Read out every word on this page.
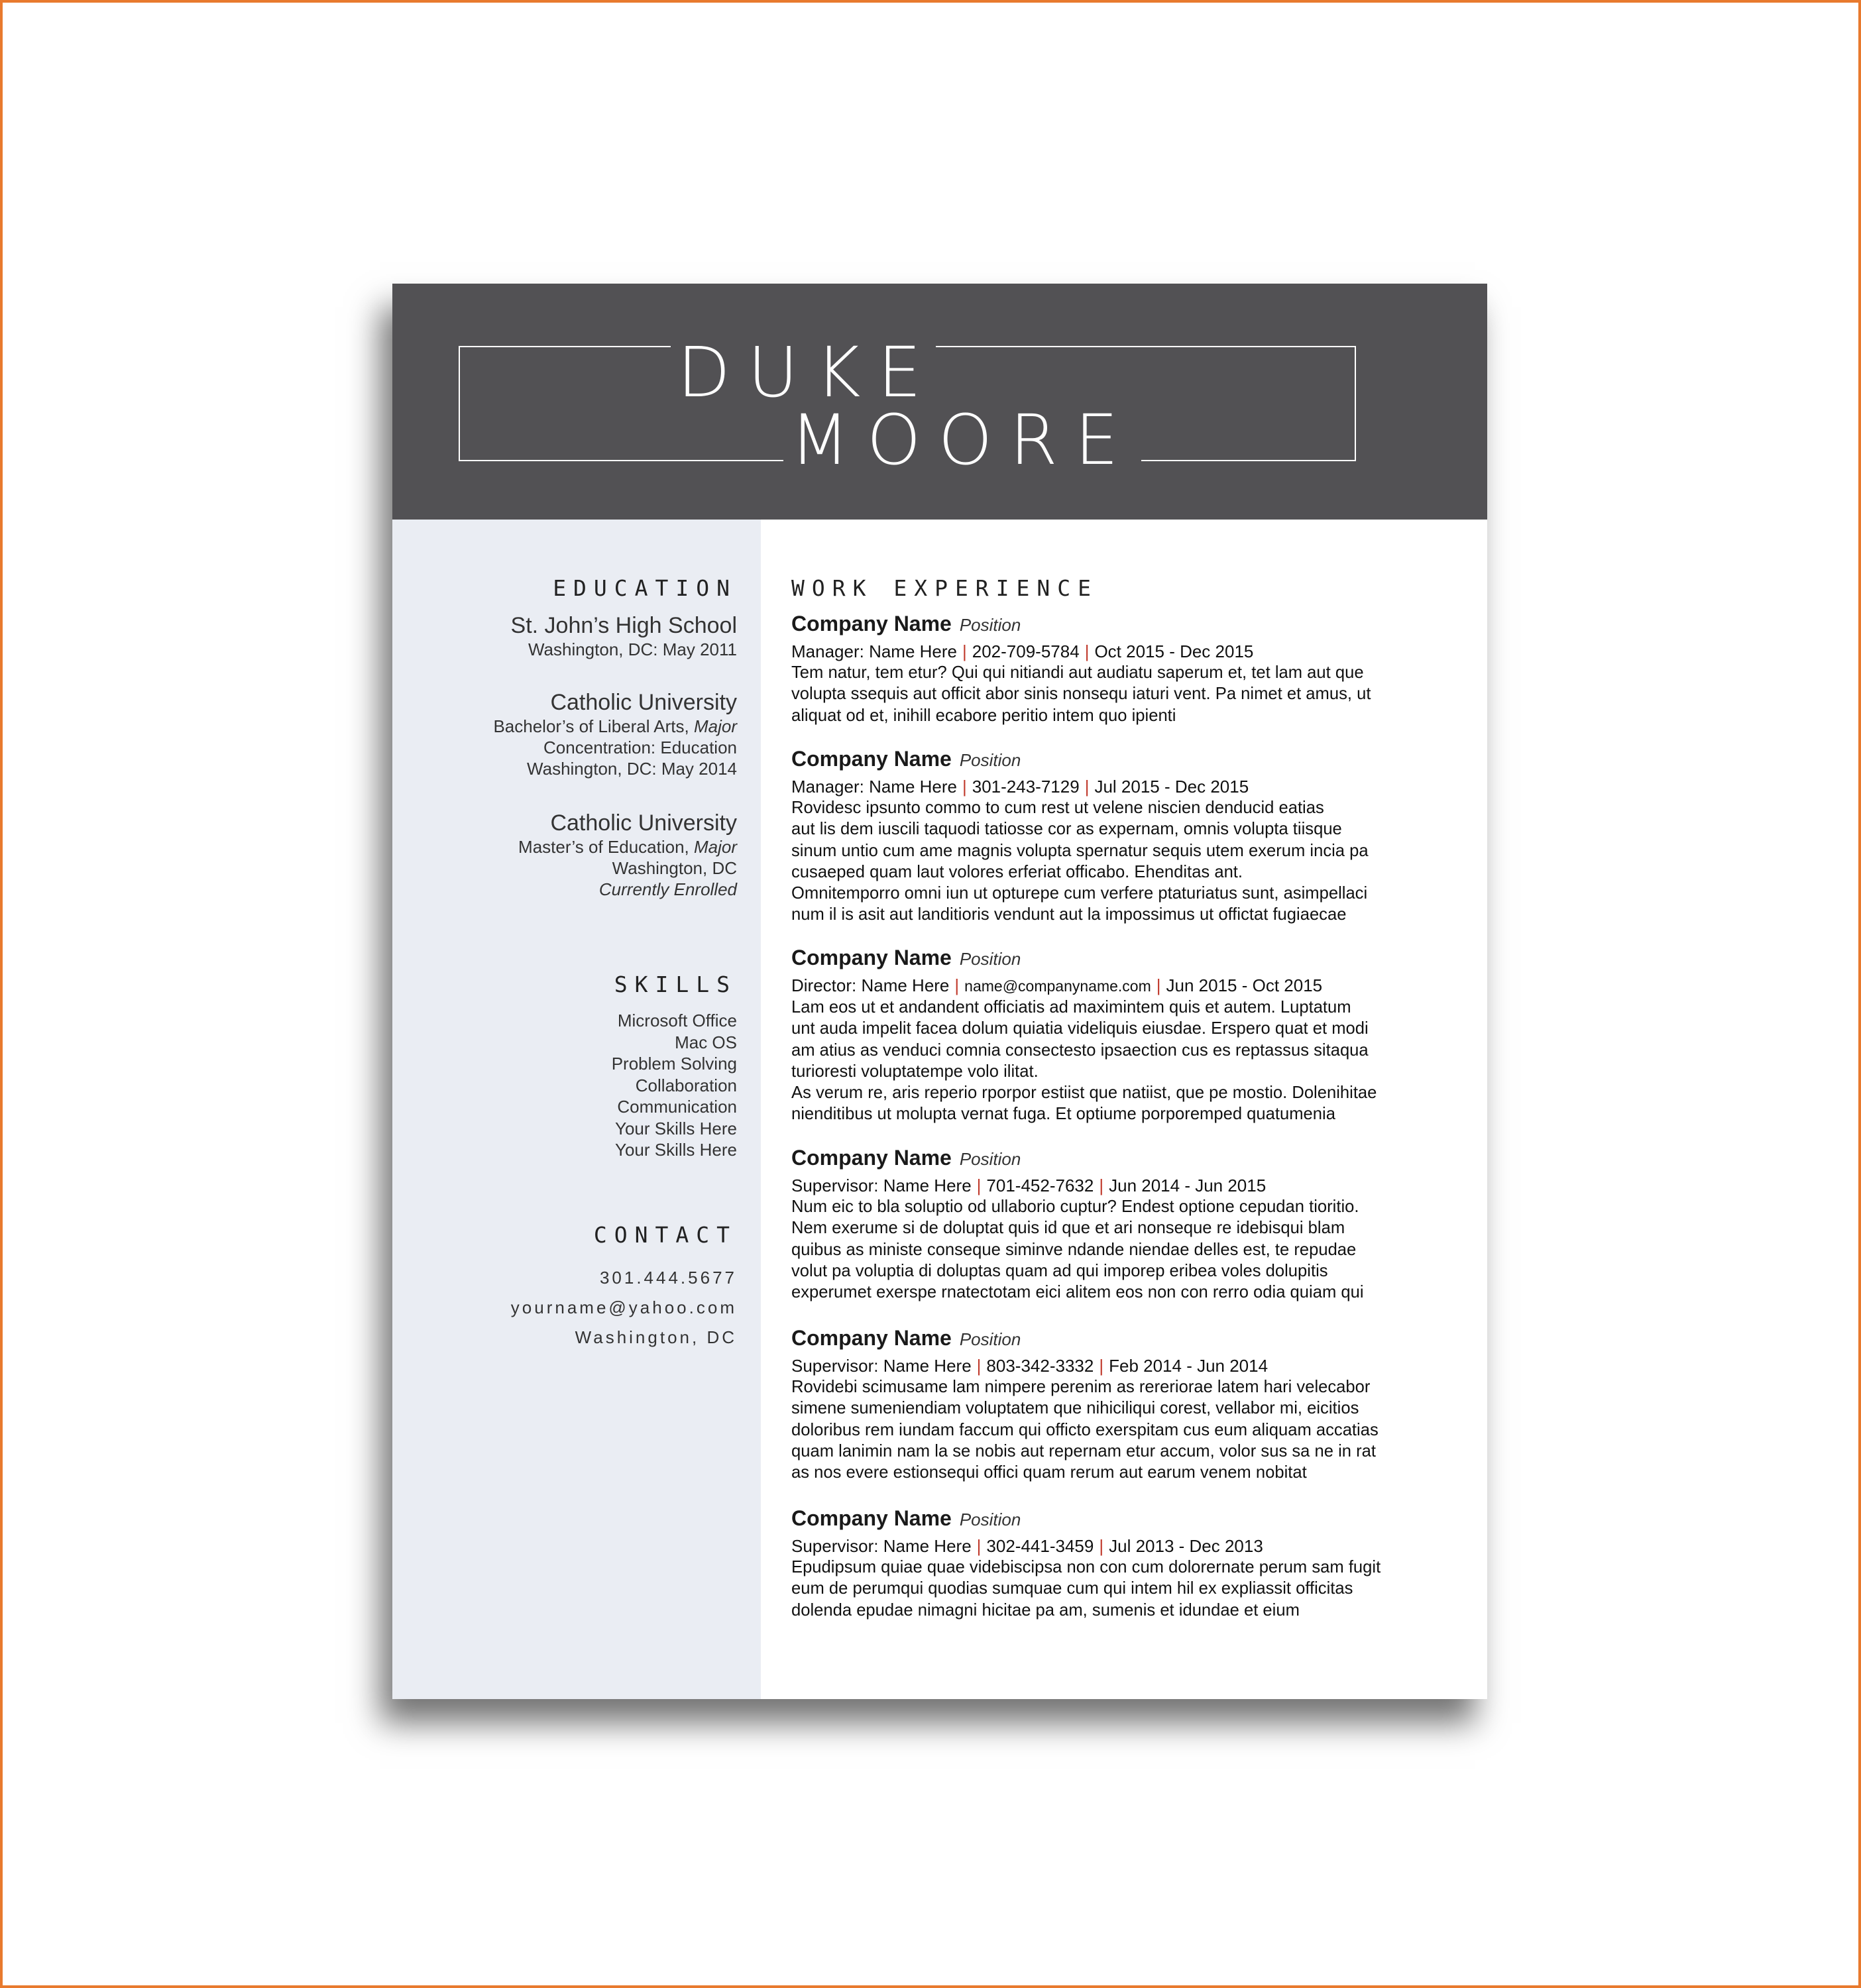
DUKE
MOORE
EDUCATION
St. John’s High School
Washington, DC: May 2011
Catholic University
Bachelor’s of Liberal Arts, Major
Concentration: Education
Washington, DC: May 2014
Catholic University
Master’s of Education, Major
Washington, DC
Currently Enrolled
SKILLS
Microsoft Office
Mac OS
Problem Solving
Collaboration
Communication
Your Skills Here
Your Skills Here
CONTACT
301.444.5677
yourname@yahoo.com
Washington, DC
WORK EXPERIENCE
Company Name Position
Manager: Name Here | 202-709-5784 | Oct 2015 - Dec 2015

Tem natur, tem etur? Qui qui nitiandi aut audiatu saperum et, tet lam aut que
volupta ssequis aut officit abor sinis nonsequ iaturi vent. Pa nimet et amus, ut
aliquat od et, inihill ecabore peritio intem quo ipienti

Company Name Position
Manager: Name Here | 301-243-7129 | Jul 2015 - Dec 2015

Rovidesc ipsunto commo to cum rest ut velene niscien denducid eatias
aut lis dem iuscili taquodi tatiosse cor as expernam, omnis volupta tiisque
sinum untio cum ame magnis volupta spernatur sequis utem exerum incia pa
cusaeped quam laut volores erferiat officabo. Ehenditas ant.
Omnitemporro omni iun ut opturepe cum verfere ptaturiatus sunt, asimpellaci
num il is asit aut landitioris vendunt aut la impossimus ut offictat fugiaecae

Company Name Position
Director: Name Here | name@companyname.com | Jun 2015 - Oct 2015

Lam eos ut et andandent officiatis ad maximintem quis et autem. Luptatum
unt auda impelit facea dolum quiatia videliquis eiusdae. Erspero quat et modi
am atius as venduci comnia consectesto ipsaection cus es reptassus sitaqua
turioresti voluptatempe volo ilitat.
As verum re, aris reperio rporpor estiist que natiist, que pe mostio. Dolenihitae
nienditibus ut molupta vernat fuga. Et optiume porporemped quatumenia

Company Name Position
Supervisor: Name Here | 701-452-7632 | Jun 2014 - Jun 2015

Num eic to bla soluptio od ullaborio cuptur? Endest optione cepudan tioritio.
Nem exerume si de doluptat quis id que et ari nonseque re idebisqui blam
quibus as ministe conseque siminve ndande niendae delles est, te repudae
volut pa voluptia di doluptas quam ad qui imporep eribea voles dolupitis
experumet exerspe rnatectotam eici alitem eos non con rerro odia quiam qui

Company Name Position
Supervisor: Name Here | 803-342-3332 | Feb 2014 - Jun 2014

Rovidebi scimusame lam nimpere perenim as rereriorae latem hari velecabor
simene sumeniendiam voluptatem que nihiciliqui corest, vellabor mi, eicitios
doloribus rem iundam faccum qui officto exerspitam cus eum aliquam accatias
quam lanimin nam la se nobis aut repernam etur accum, volor sus sa ne in rat
as nos evere estionsequi offici quam rerum aut earum venem nobitat

Company Name Position
Supervisor: Name Here | 302-441-3459 | Jul 2013 - Dec 2013

Epudipsum quiae quae videbiscipsa non con cum dolorernate perum sam fugit
eum de perumqui quodias sumquae cum qui intem hil ex expliassit officitas
dolenda epudae nimagni hicitae pa am, sumenis et idundae et eium
